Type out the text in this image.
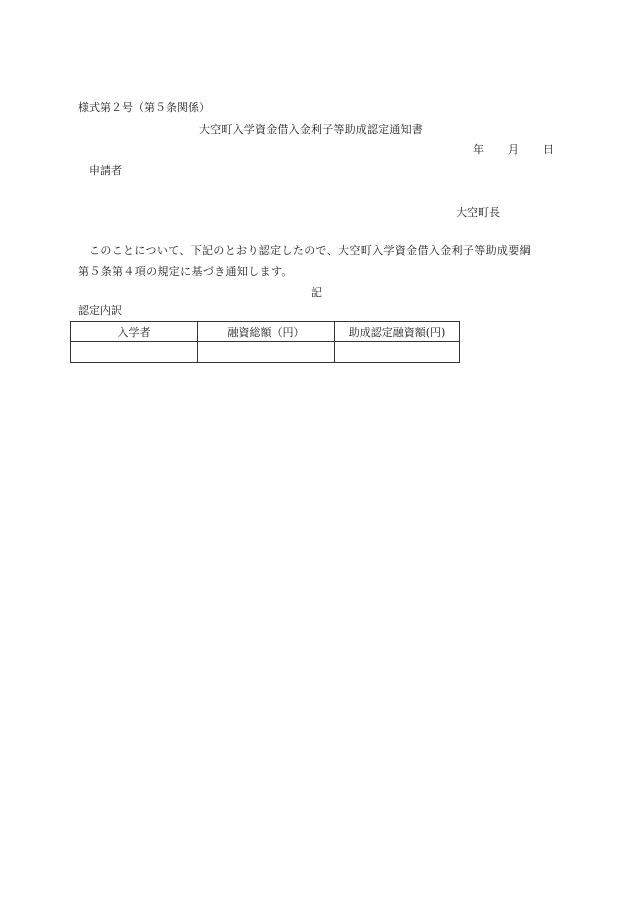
様式第２号（第５条関係）
大空町入学資金借入金利子等助成認定通知書
年 月 日
申請者
大空町長
このことについて、下記のとおり認定したので、大空町入学資金借入金利子等助成要綱
第５条第４項の規定に基づき通知します。
記
認定内訳
入学者	融資総額（円）	助成認定融資額(円)
